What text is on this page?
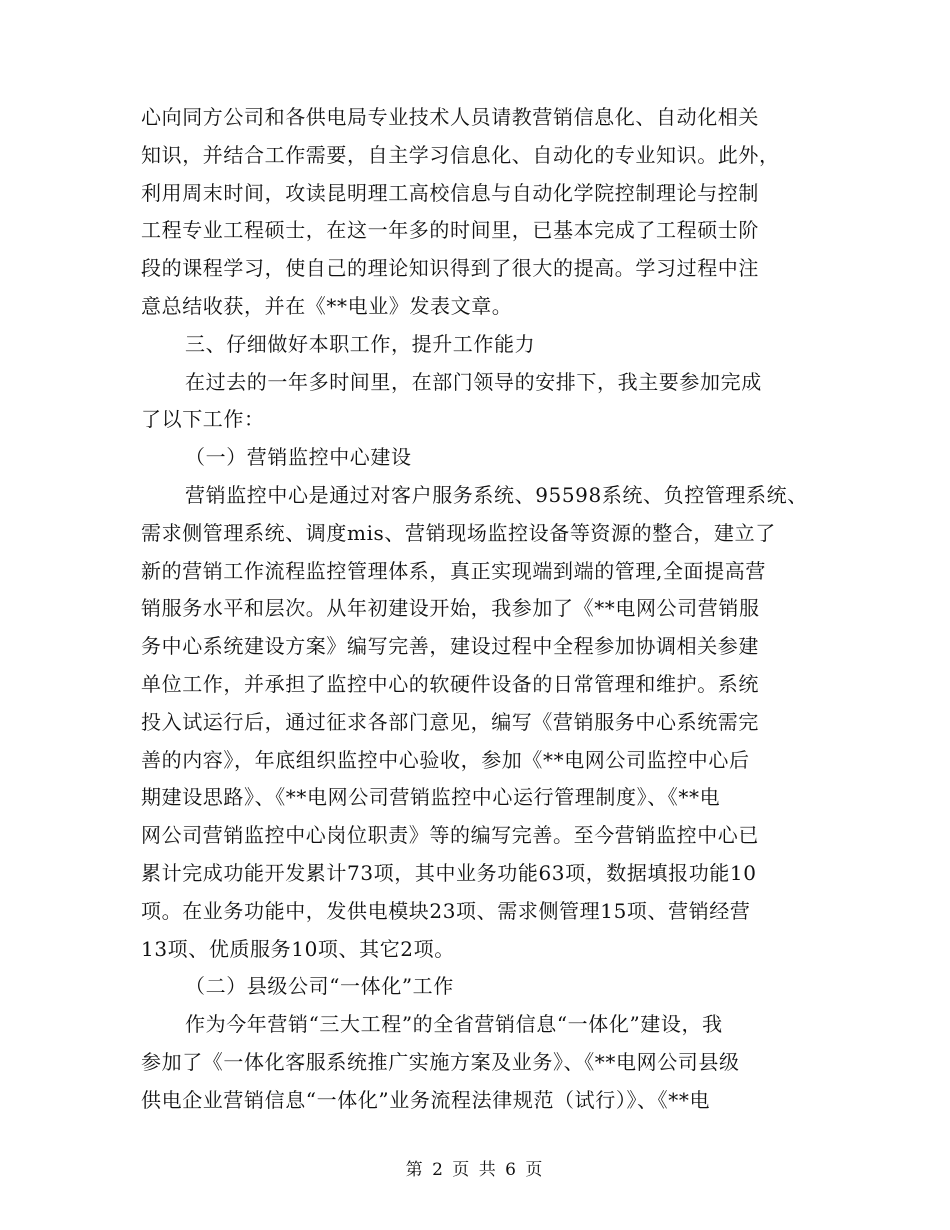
心向同方公司和各供电局专业技术人员请教营销信息化、自动化相关
知识，并结合工作需要，自主学习信息化、自动化的专业知识。此外，
利用周末时间，攻读昆明理工高校信息与自动化学院控制理论与控制
工程专业工程硕士，在这一年多的时间里，已基本完成了工程硕士阶
段的课程学习，使自己的理论知识得到了很大的提高。学习过程中注
意总结收获，并在《**电业》发表文章。
三、仔细做好本职工作，提升工作能力
在过去的一年多时间里，在部门领导的安排下，我主要参加完成
了以下工作：
（一）营销监控中心建设
营销监控中心是通过对客户服务系统、95598系统、负控管理系统、
需求侧管理系统、调度mis、营销现场监控设备等资源的整合，建立了
新的营销工作流程监控管理体系，真正实现端到端的管理,全面提高营
销服务水平和层次。从年初建设开始，我参加了《**电网公司营销服
务中心系统建设方案》编写完善，建设过程中全程参加协调相关参建
单位工作，并承担了监控中心的软硬件设备的日常管理和维护。系统
投入试运行后，通过征求各部门意见，编写《营销服务中心系统需完
善的内容》，年底组织监控中心验收，参加《**电网公司监控中心后
期建设思路》、《**电网公司营销监控中心运行管理制度》、《**电
网公司营销监控中心岗位职责》等的编写完善。至今营销监控中心已
累计完成功能开发累计73项，其中业务功能63项，数据填报功能10
项。在业务功能中，发供电模块23项、需求侧管理15项、营销经营
13项、优质服务10项、其它2项。
（二）县级公司“一体化”工作
作为今年营销“三大工程”的全省营销信息“一体化”建设，我
参加了《一体化客服系统推广实施方案及业务》、《**电网公司县级
供电企业营销信息“一体化”业务流程法律规范（试行）》、《**电
第 2 页 共 6 页
